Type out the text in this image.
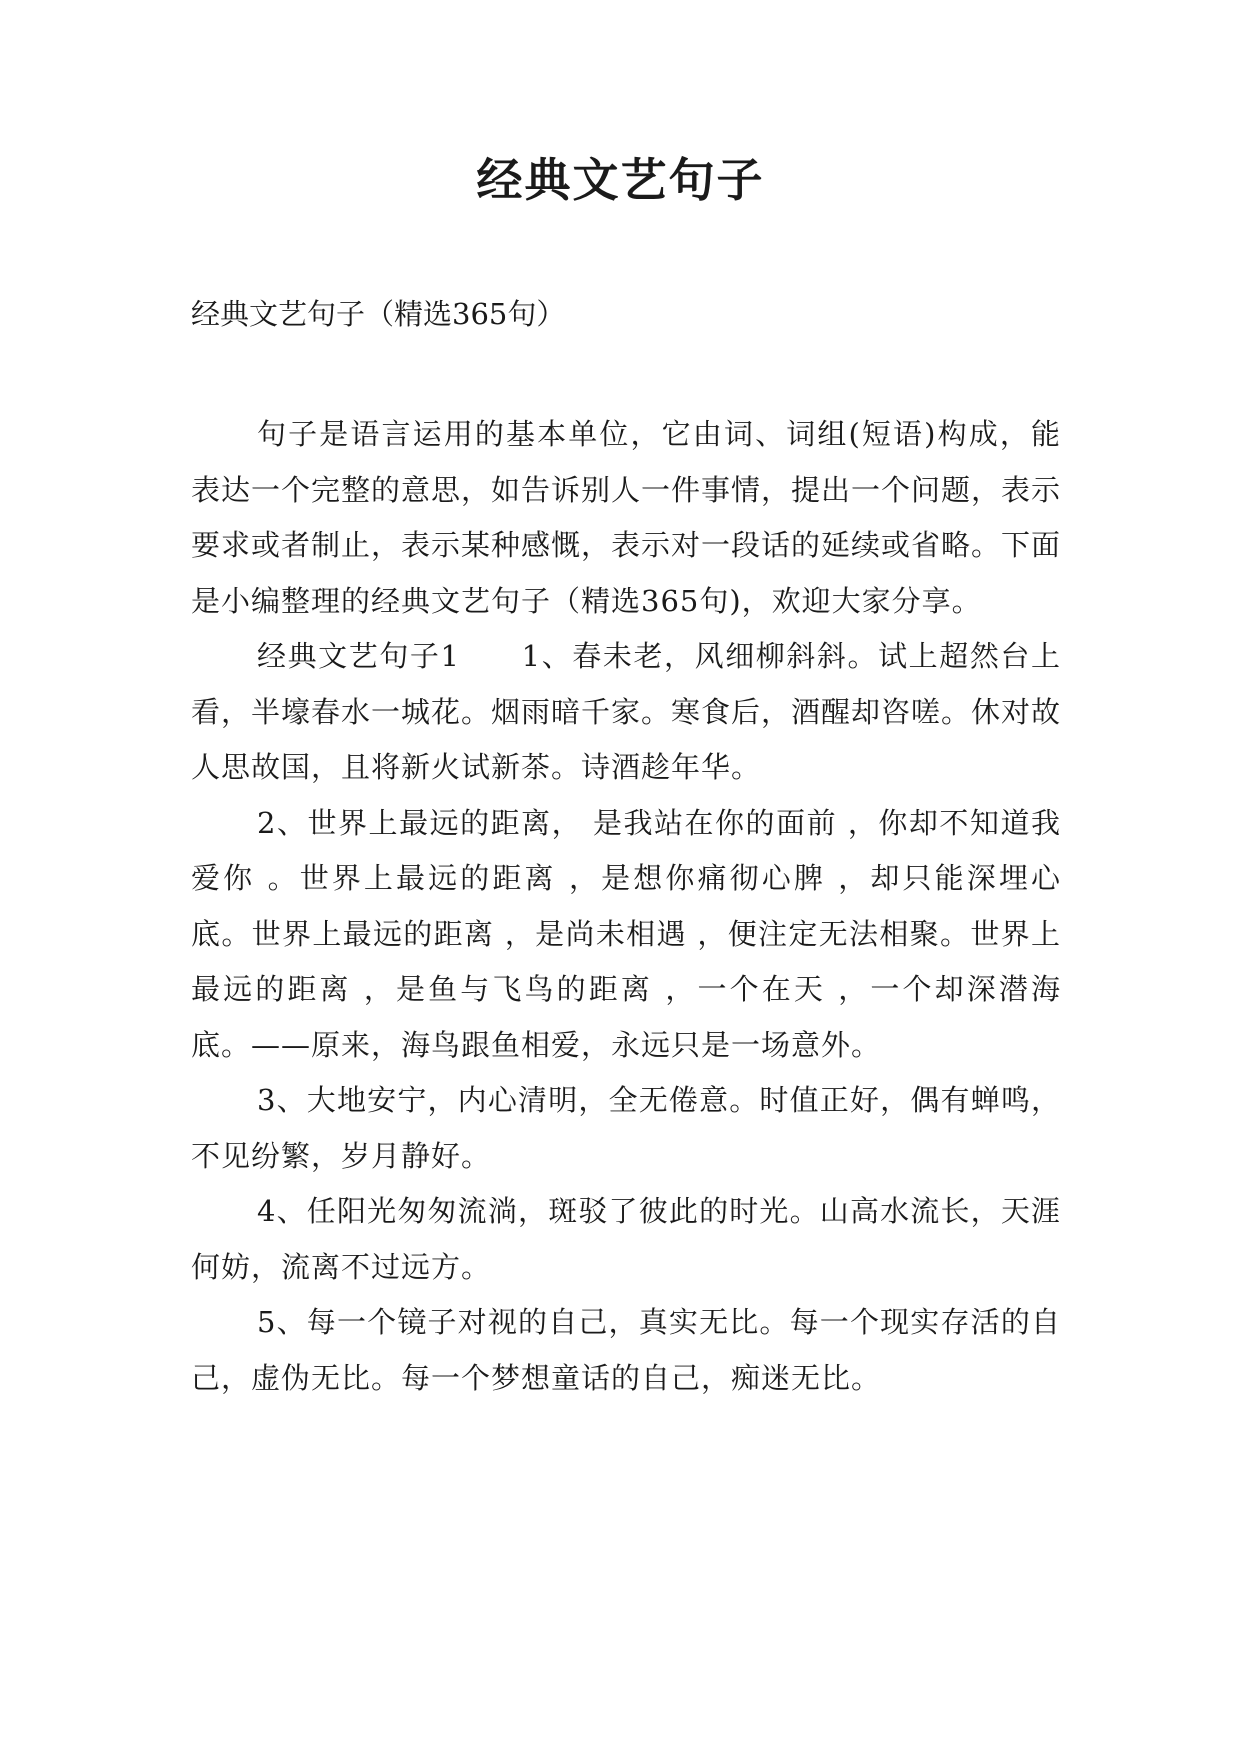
经典文艺句子

经典文艺句子（精选365句）

句子是语言运用的基本单位，它由词、词组(短语)构成，能表达一个完整的意思，如告诉别人一件事情，提出一个问题，表示要求或者制止，表示某种感慨，表示对一段话的延续或省略。下面是小编整理的经典文艺句子（精选365句)，欢迎大家分享。

经典文艺句子1　　1、春未老，风细柳斜斜。试上超然台上看，半壕春水一城花。烟雨暗千家。寒食后，酒醒却咨嗟。休对故人思故国，且将新火试新茶。诗酒趁年华。

2、世界上最远的距离， 是我站在你的面前 ，你却不知道我爱你 。世界上最远的距离 ，是想你痛彻心脾 ，却只能深埋心底。世界上最远的距离 ，是尚未相遇 ，便注定无法相聚。世界上最远的距离 ，是鱼与飞鸟的距离 ，一个在天 ，一个却深潜海底。——原来，海鸟跟鱼相爱，永远只是一场意外。

3、大地安宁，内心清明，全无倦意。时值正好，偶有蝉鸣，不见纷繁，岁月静好。

4、任阳光匆匆流淌，斑驳了彼此的时光。山高水流长，天涯何妨，流离不过远方。

5、每一个镜子对视的自己，真实无比。每一个现实存活的自己，虚伪无比。每一个梦想童话的自己，痴迷无比。
